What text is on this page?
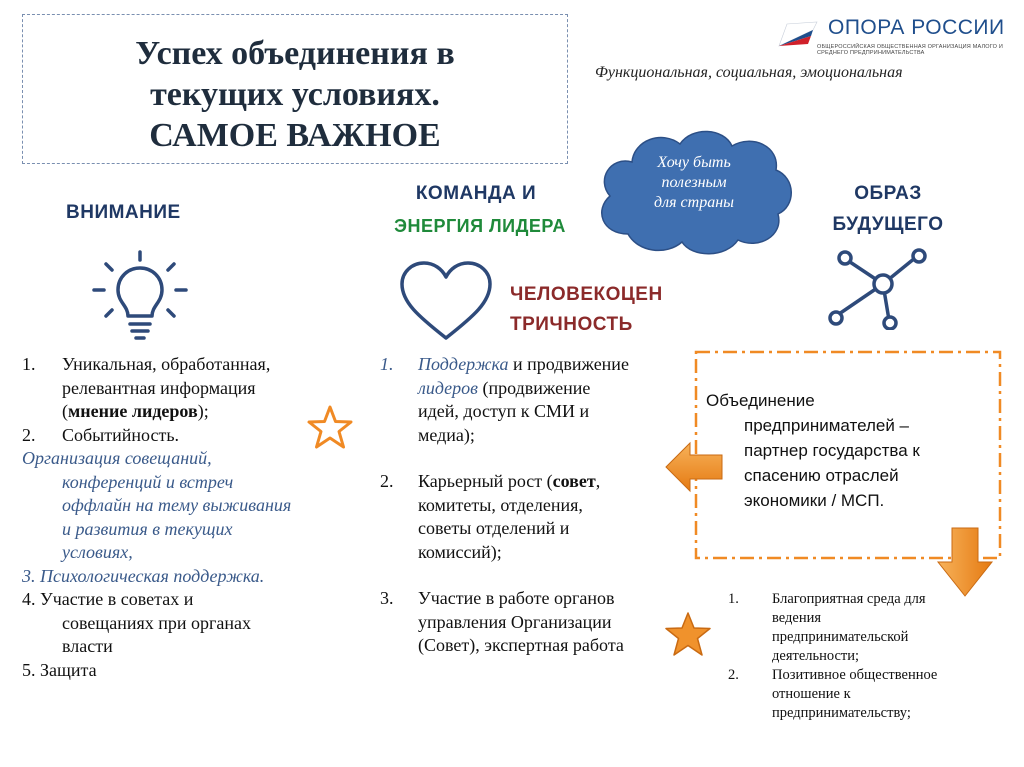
Успех объединения в
текущих условиях.
САМОЕ ВАЖНОЕ
ОПОРА РОССИИ
ОБЩЕРОССИЙСКАЯ ОБЩЕСТВЕННАЯ ОРГАНИЗАЦИЯ МАЛОГО И СРЕДНЕГО ПРЕДПРИНИМАТЕЛЬСТВА
Функциональная, социальная, эмоциональная
Хочу быть
полезным
для страны
ВНИМАНИЕ
КОМАНДА И
ЭНЕРГИЯ ЛИДЕРА
ОБРАЗ
БУДУЩЕГО
ЧЕЛОВЕКОЦЕН
ТРИЧНОСТЬ
1. Уникальная, обработанная,
релевантная информация
(мнение лидеров);
2. Событийность.
Организация совещаний,
конференций и встреч
оффлайн на тему выживания
и развития в текущих
условиях,
3. Психологическая поддержка.
4. Участие в советах и
совещаниях при органах
власти
5. Защита
1. Поддержка и продвижение
лидеров (продвижение
идей, доступ к СМИ и
медиа);
2. Карьерный рост (совет,
комитеты, отделения,
советы отделений и
комиссий);
3. Участие в работе органов
управления Организации
(Совет), экспертная работа
Объединение
предпринимателей –
партнер государства к
спасению отраслей
экономики / МСП.
1. Благоприятная среда для
ведения
предпринимательской
деятельности;
2. Позитивное общественное
отношение к
предпринимательству;
